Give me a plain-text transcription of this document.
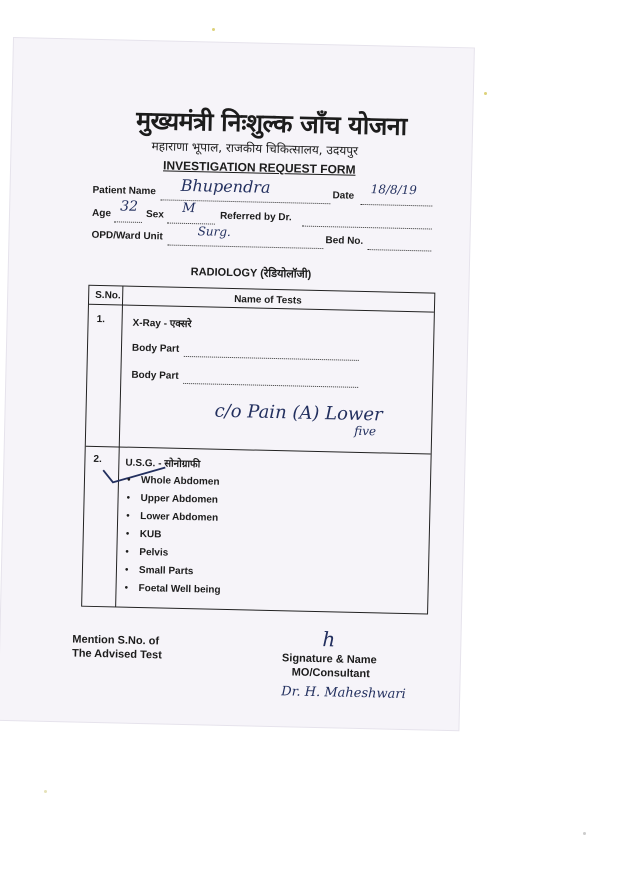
मुख्यमंत्री निःशुल्क जाँच योजना
महाराणा भूपाल, राजकीय चिकित्सालय, उदयपुर
INVESTIGATION REQUEST FORM
Patient Name Bhupendra	Date 18/8/19
Age 32 Sex M
Referred by Dr.
OPD/Ward Unit	Surg.
Bed No.
RADIOLOGY (रेडियोलॉजी)
S.No.	Name of Tests
1.	X-Ray - एक्सरे
Body Part
Body Part
c/o Pain (A) Lower
five
2. U.S.G. - सोनोग्राफी
• Whole Abdomen
• Upper Abdomen
• Lower Abdomen
• KUB
• Pelvis
• Small Parts
• Foetal Well being
Mention S.No. of
The Advised Test
h
Signature & Name
MO/Consultant
Dr. H. Maheshwari
